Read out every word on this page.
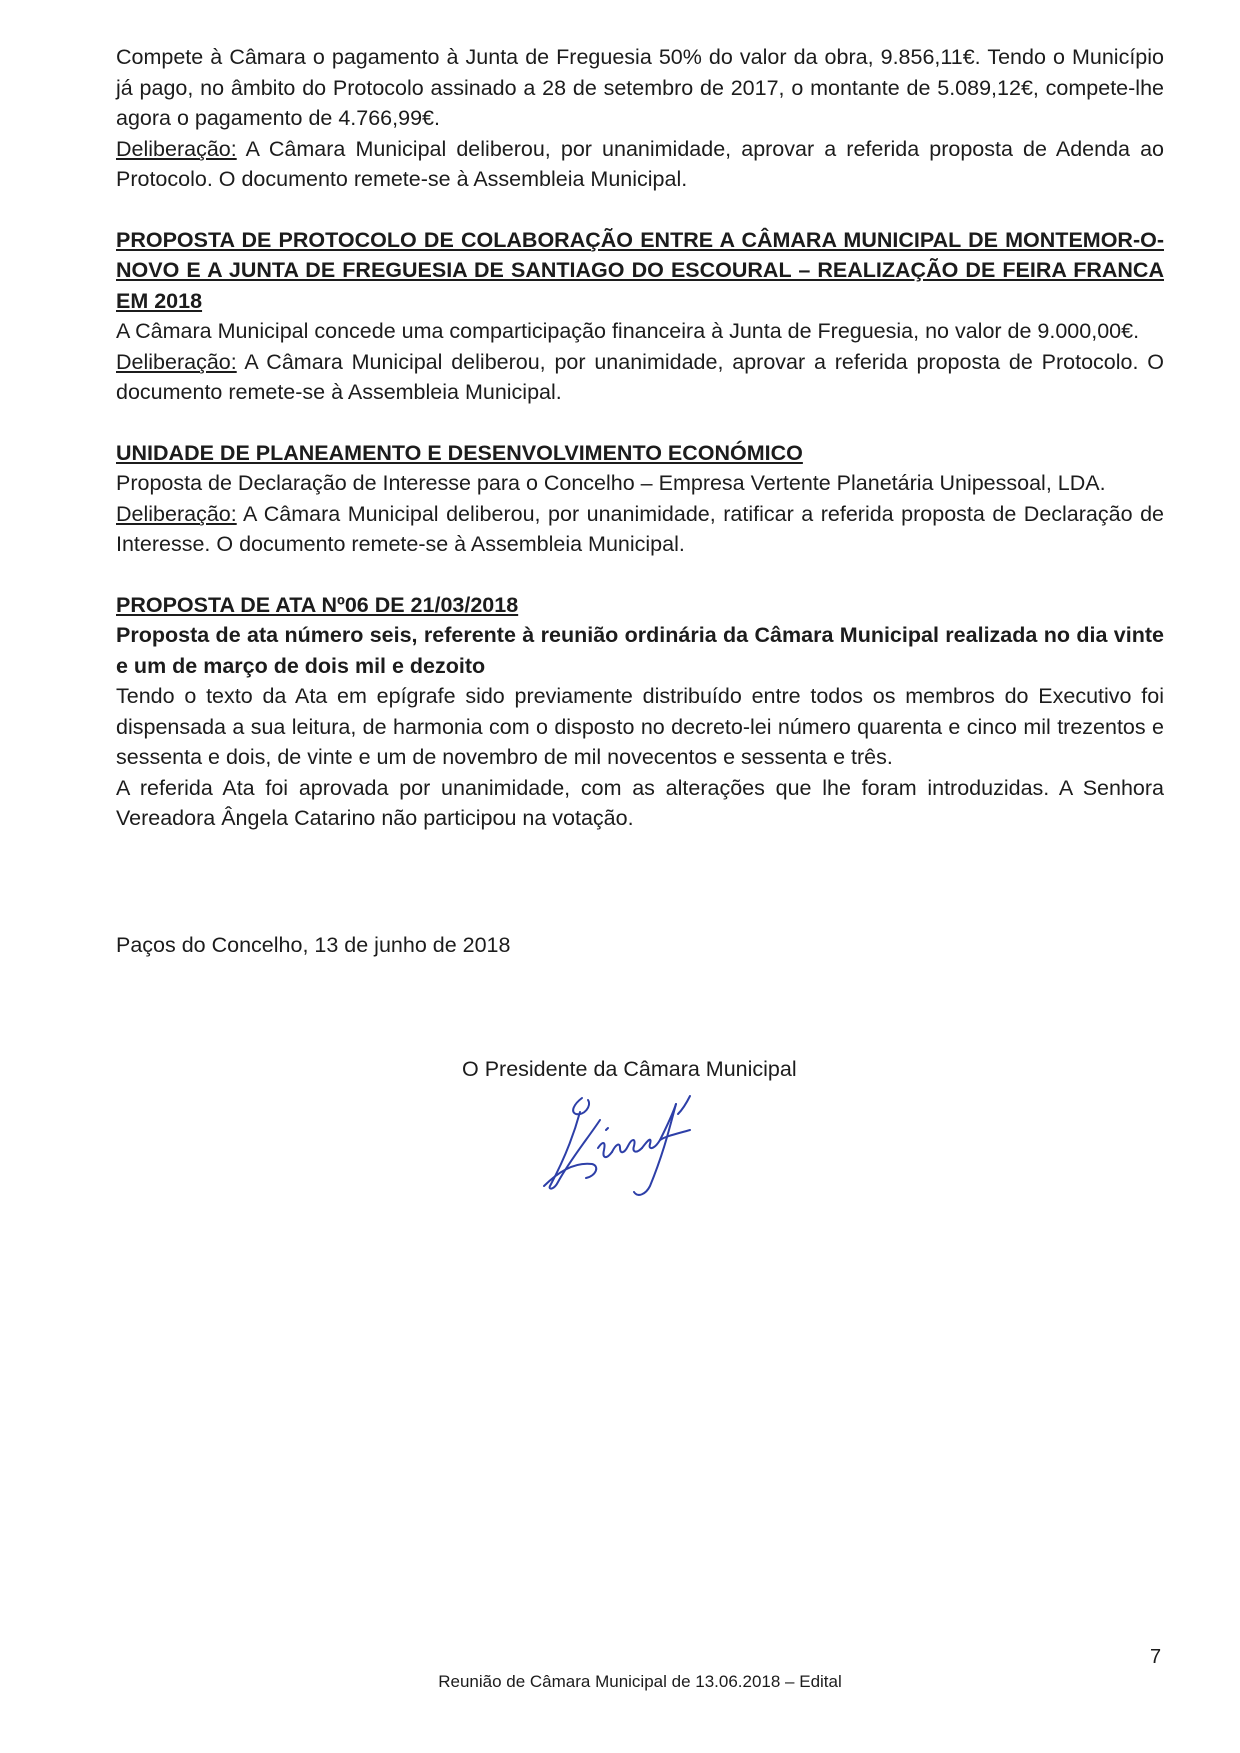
Compete à Câmara o pagamento à Junta de Freguesia 50% do valor da obra, 9.856,11€. Tendo o Município já pago, no âmbito do Protocolo assinado a 28 de setembro de 2017, o montante de 5.089,12€, compete-lhe agora o pagamento de 4.766,99€.

Deliberação: A Câmara Municipal deliberou, por unanimidade, aprovar a referida proposta de Adenda ao Protocolo. O documento remete-se à Assembleia Municipal.

PROPOSTA DE PROTOCOLO DE COLABORAÇÃO ENTRE A CÂMARA MUNICIPAL DE MONTEMOR-O-NOVO E A JUNTA DE FREGUESIA DE SANTIAGO DO ESCOURAL – REALIZAÇÃO DE FEIRA FRANCA EM 2018

A Câmara Municipal concede uma comparticipação financeira à Junta de Freguesia, no valor de 9.000,00€.

Deliberação: A Câmara Municipal deliberou, por unanimidade, aprovar a referida proposta de Protocolo. O documento remete-se à Assembleia Municipal.

UNIDADE DE PLANEAMENTO E DESENVOLVIMENTO ECONÓMICO

Proposta de Declaração de Interesse para o Concelho – Empresa Vertente Planetária Unipessoal, LDA.

Deliberação: A Câmara Municipal deliberou, por unanimidade, ratificar a referida proposta de Declaração de Interesse. O documento remete-se à Assembleia Municipal.

PROPOSTA DE ATA Nº06 DE 21/03/2018

Proposta de ata número seis, referente à reunião ordinária da Câmara Municipal realizada no dia vinte e um de março de dois mil e dezoito

Tendo o texto da Ata em epígrafe sido previamente distribuído entre todos os membros do Executivo foi dispensada a sua leitura, de harmonia com o disposto no decreto-lei número quarenta e cinco mil trezentos e sessenta e dois, de vinte e um de novembro de mil novecentos e sessenta e três.

A referida Ata foi aprovada por unanimidade, com as alterações que lhe foram introduzidas. A Senhora Vereadora Ângela Catarino não participou na votação.

Paços do Concelho, 13 de junho de 2018
O Presidente da Câmara Municipal
7
Reunião de Câmara Municipal de 13.06.2018 – Edital
